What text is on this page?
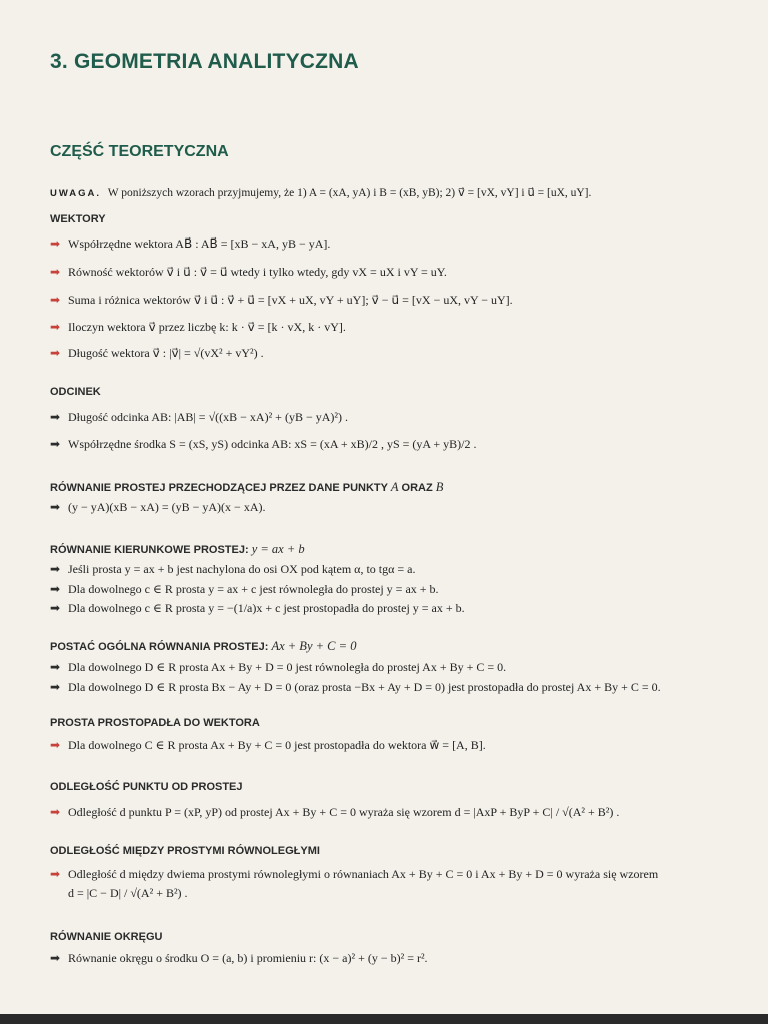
3. GEOMETRIA ANALITYCZNA
CZĘŚĆ TEORETYCZNA
UWAGA. W poniższych wzorach przyjmujemy, że 1) A = (xA, yA) i B = (xB, yB); 2) v⃗ = [vX, vY] i u⃗ = [uX, uY].
WEKTORY
➡ Współrzędne wektora AB⃗ : AB⃗ = [xB − xA, yB − yA].
➡ Równość wektorów v⃗ i u⃗ : v⃗ = u⃗ wtedy i tylko wtedy, gdy vX = uX i vY = uY.
➡ Suma i różnica wektorów v⃗ i u⃗ : v⃗ + u⃗ = [vX + uX, vY + uY]; v⃗ − u⃗ = [vX − uX, vY − uY].
➡ Iloczyn wektora v⃗ przez liczbę k: k · v⃗ = [k · vX, k · vY].
➡ Długość wektora v⃗ : |v⃗| = √(vX² + vY²) .
ODCINEK
➡ Długość odcinka AB: |AB| = √((xB − xA)² + (yB − yA)²) .
➡ Współrzędne środka S = (xS, yS) odcinka AB: xS = (xA + xB)/2 , yS = (yA + yB)/2 .
RÓWNANIE PROSTEJ PRZECHODZĄCEJ PRZEZ DANE PUNKTY A ORAZ B
➡ (y − yA)(xB − xA) = (yB − yA)(x − xA).
RÓWNANIE KIERUNKOWE PROSTEJ: y = ax + b
➡ Jeśli prosta y = ax + b jest nachylona do osi OX pod kątem α, to tgα = a.
➡ Dla dowolnego c ∈ R prosta y = ax + c jest równoległa do prostej y = ax + b.
➡ Dla dowolnego c ∈ R prosta y = −(1/a)x + c jest prostopadła do prostej y = ax + b.
POSTAĆ OGÓLNA RÓWNANIA PROSTEJ: Ax + By + C = 0
➡ Dla dowolnego D ∈ R prosta Ax + By + D = 0 jest równoległa do prostej Ax + By + C = 0.
➡ Dla dowolnego D ∈ R prosta Bx − Ay + D = 0 (oraz prosta −Bx + Ay + D = 0) jest prostopadła do prostej Ax + By + C = 0.
PROSTA PROSTOPADŁA DO WEKTORA
➡ Dla dowolnego C ∈ R prosta Ax + By + C = 0 jest prostopadła do wektora w⃗ = [A, B].
ODLEGŁOŚĆ PUNKTU OD PROSTEJ
➡ Odległość d punktu P = (xP, yP) od prostej Ax + By + C = 0 wyraża się wzorem d = |AxP + ByP + C| / √(A² + B²) .
ODLEGŁOŚĆ MIĘDZY PROSTYMI RÓWNOLEGŁYMI
➡ Odległość d między dwiema prostymi równoległymi o równaniach Ax + By + C = 0 i Ax + By + D = 0 wyraża się wzorem
d = |C − D| / √(A² + B²) .
RÓWNANIE OKRĘGU
➡ Równanie okręgu o środku O = (a, b) i promieniu r: (x − a)² + (y − b)² = r².
